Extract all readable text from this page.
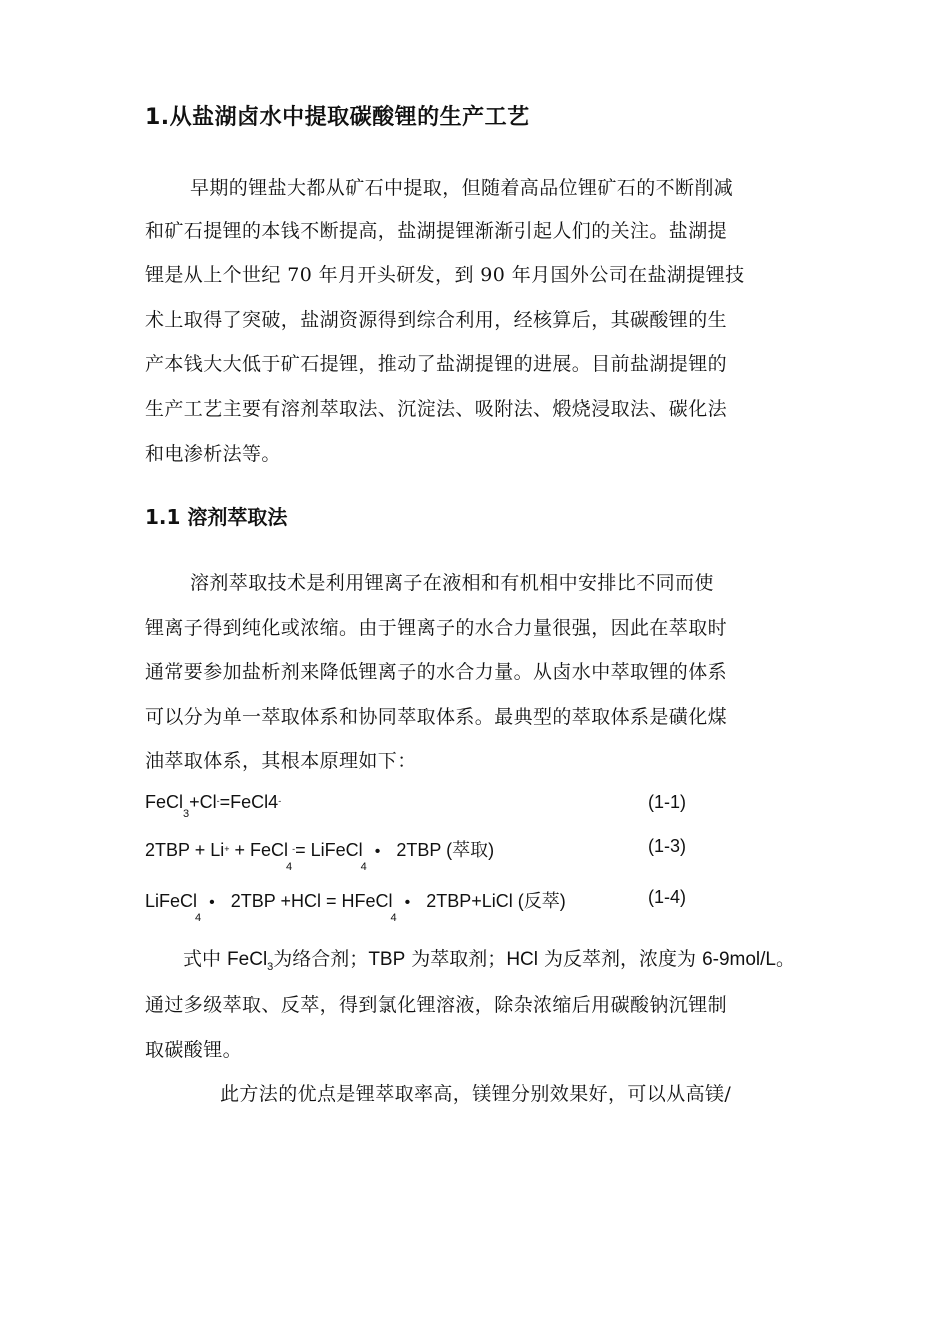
1.从盐湖卤水中提取碳酸锂的生产工艺
早期的锂盐大都从矿石中提取，但随着高品位锂矿石的不断削减
和矿石提锂的本钱不断提高，盐湖提锂渐渐引起人们的关注。盐湖提
锂是从上个世纪 70 年月开头研发，到 90 年月国外公司在盐湖提锂技
术上取得了突破，盐湖资源得到综合利用，经核算后，其碳酸锂的生
产本钱大大低于矿石提锂，推动了盐湖提锂的进展。目前盐湖提锂的
生产工艺主要有溶剂萃取法、沉淀法、吸附法、煅烧浸取法、碳化法
和电渗析法等。
1.1 溶剂萃取法
溶剂萃取技术是利用锂离子在液相和有机相中安排比不同而使
锂离子得到纯化或浓缩。由于锂离子的水合力量很强，因此在萃取时
通常要参加盐析剂来降低锂离子的水合力量。从卤水中萃取锂的体系
可以分为单一萃取体系和协同萃取体系。最典型的萃取体系是磺化煤
油萃取体系，其根本原理如下：
FeCl$_3$+Cl-=FeCl4-	(1-1)
2TBP + Li+ + FeCl$_4$-= LiFeCl$_4$• 2TBP (萃取)	(1-3)
LiFeCl$_4$• 2TBP +HCl = HFeCl$_4$• 2TBP+LiCl (反萃)	(1-4)
式中 FeCl$_3$为络合剂；TBP 为萃取剂；HCl 为反萃剂，浓度为 6-9mol/L。
通过多级萃取、反萃，得到氯化锂溶液，除杂浓缩后用碳酸钠沉锂制
取碳酸锂。
此方法的优点是锂萃取率高，镁锂分别效果好，可以从高镁/
